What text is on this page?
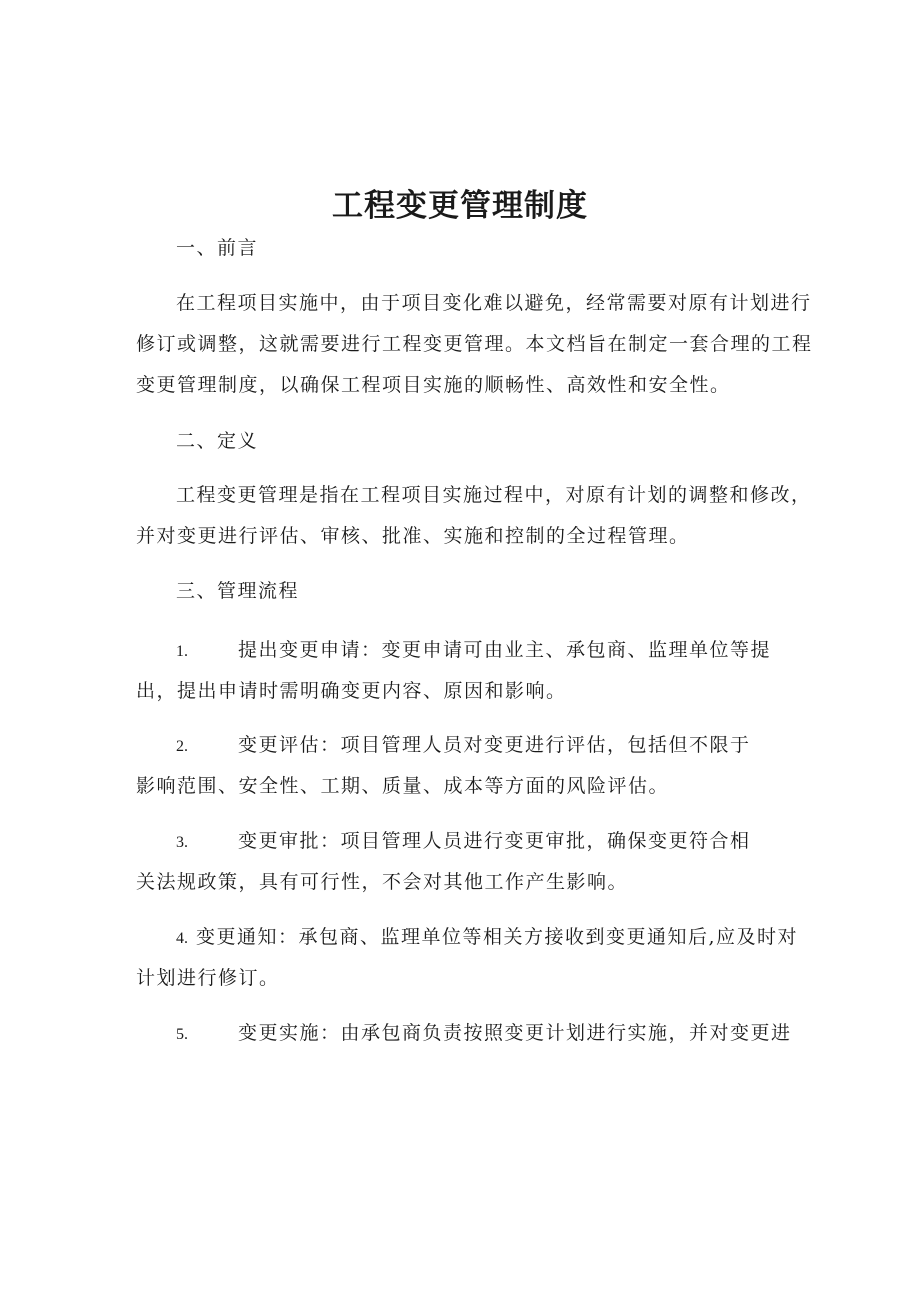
工程变更管理制度
一、前言
在工程项目实施中，由于项目变化难以避免，经常需要对原有计划进行
修订或调整，这就需要进行工程变更管理。本文档旨在制定一套合理的工程
变更管理制度，以确保工程项目实施的顺畅性、高效性和安全性。
二、定义
工程变更管理是指在工程项目实施过程中，对原有计划的调整和修改，
并对变更进行评估、审核、批准、实施和控制的全过程管理。
三、管理流程
1.	提出变更申请：变更申请可由业主、承包商、监理单位等提
出，提出申请时需明确变更内容、原因和影响。
2.	变更评估：项目管理人员对变更进行评估，包括但不限于
影响范围、安全性、工期、质量、成本等方面的风险评估。
3.	变更审批：项目管理人员进行变更审批，确保变更符合相
关法规政策，具有可行性，不会对其他工作产生影响。
4. 变更通知：承包商、监理单位等相关方接收到变更通知后,应及时对
计划进行修订。
5.	变更实施：由承包商负责按照变更计划进行实施，并对变更进
